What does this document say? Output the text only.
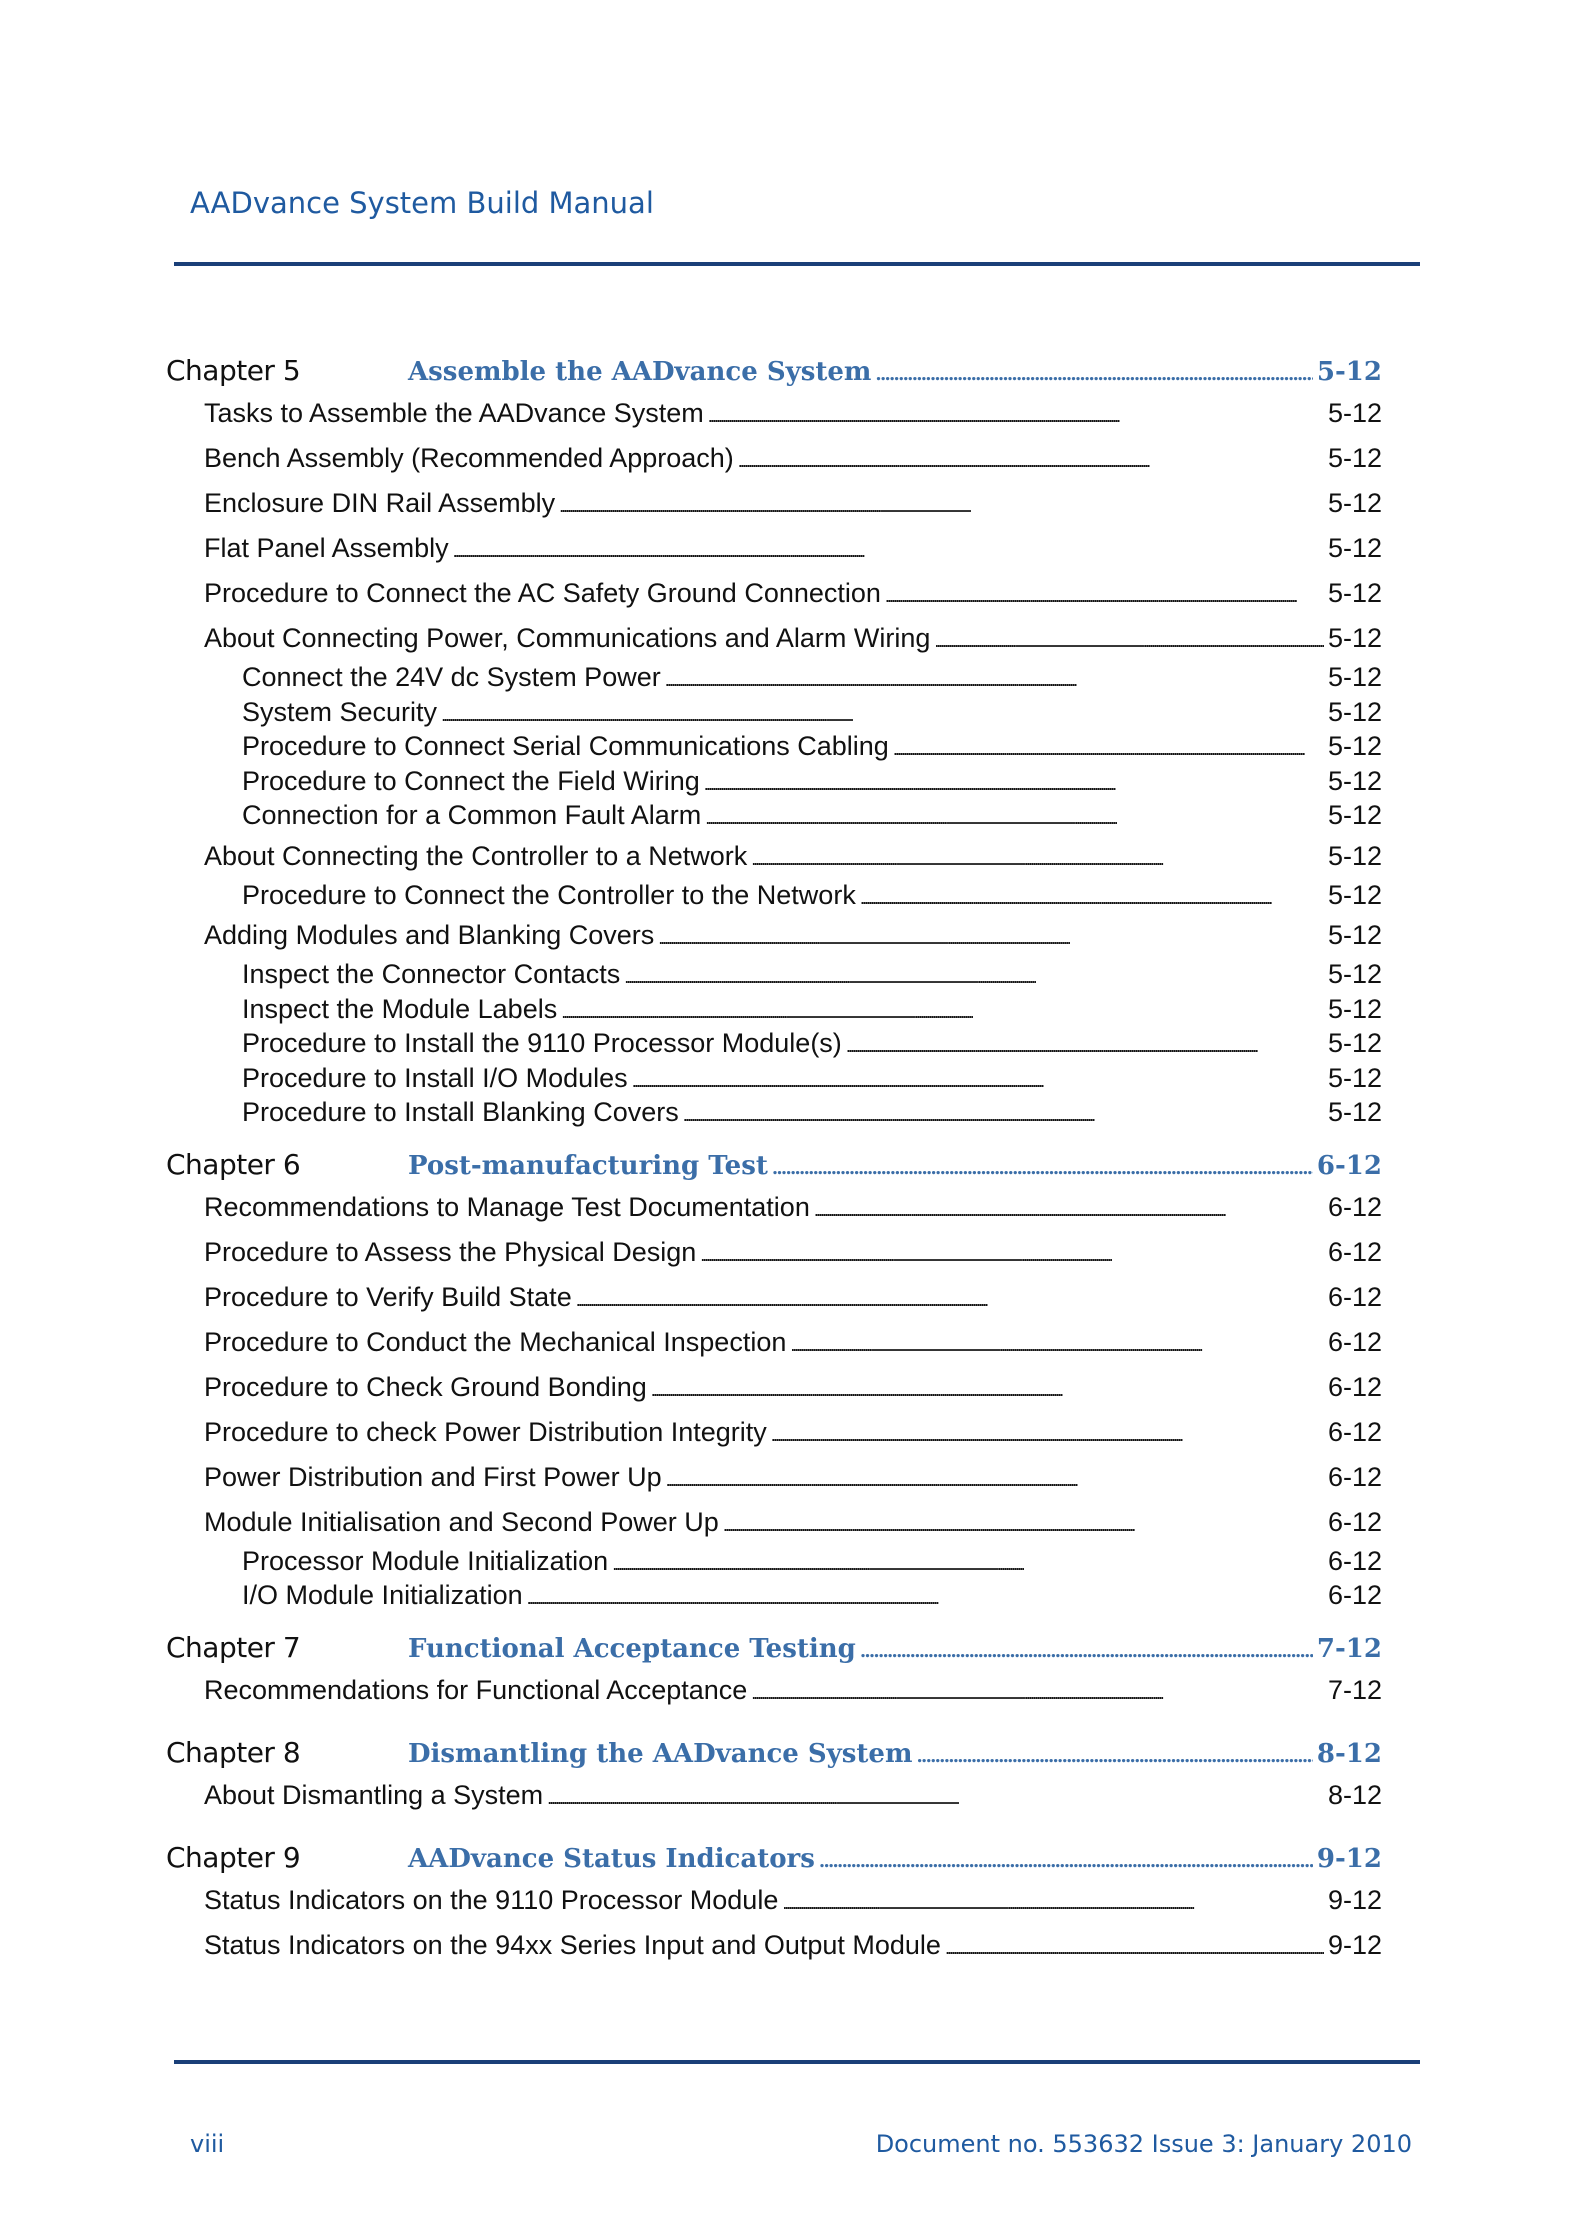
AADvance System Build Manual
Chapter 5	Assemble the AADvance System . . .	5-12
Tasks to Assemble the AADvance System . . .	5-12
Bench Assembly (Recommended Approach) . . .	5-12
Enclosure DIN Rail Assembly . . .	5-12
Flat Panel Assembly . . .	5-12
Procedure to Connect the AC Safety Ground Connection . . .	5-12
About Connecting Power, Communications and Alarm Wiring . . .	5-12
Connect the 24V dc System Power . . .	5-12
System Security . . .	5-12
Procedure to Connect Serial Communications Cabling . . .	5-12
Procedure to Connect the Field Wiring . . .	5-12
Connection for a Common Fault Alarm . . .	5-12
About Connecting the Controller to a Network . . .	5-12
Procedure to Connect the Controller to the Network . . .	5-12
Adding Modules and Blanking Covers . . .	5-12
Inspect the Connector Contacts . . .	5-12
Inspect the Module Labels . . .	5-12
Procedure to Install the 9110 Processor Module(s) . . .	5-12
Procedure to Install I/O Modules . . .	5-12
Procedure to Install Blanking Covers . . .	5-12
Chapter 6	Post-manufacturing Test . . .	6-12
Recommendations to Manage Test Documentation . . .	6-12
Procedure to Assess the Physical Design . . .	6-12
Procedure to Verify Build State . . .	6-12
Procedure to Conduct the Mechanical Inspection . . .	6-12
Procedure to Check Ground Bonding . . .	6-12
Procedure to check Power Distribution Integrity . . .	6-12
Power Distribution and First Power Up . . .	6-12
Module Initialisation and Second Power Up . . .	6-12
Processor Module Initialization . . .	6-12
I/O Module Initialization . . .	6-12
Chapter 7	Functional Acceptance Testing . . .	7-12
Recommendations for Functional Acceptance . . .	7-12
Chapter 8	Dismantling the AADvance System . . .	8-12
About Dismantling a System . . .	8-12
Chapter 9	AADvance Status Indicators . . .	9-12
Status Indicators on the 9110 Processor Module . . .	9-12
Status Indicators on the 94xx Series Input and Output Module . . .	9-12
viii	Document no. 553632 Issue 3: January 2010
